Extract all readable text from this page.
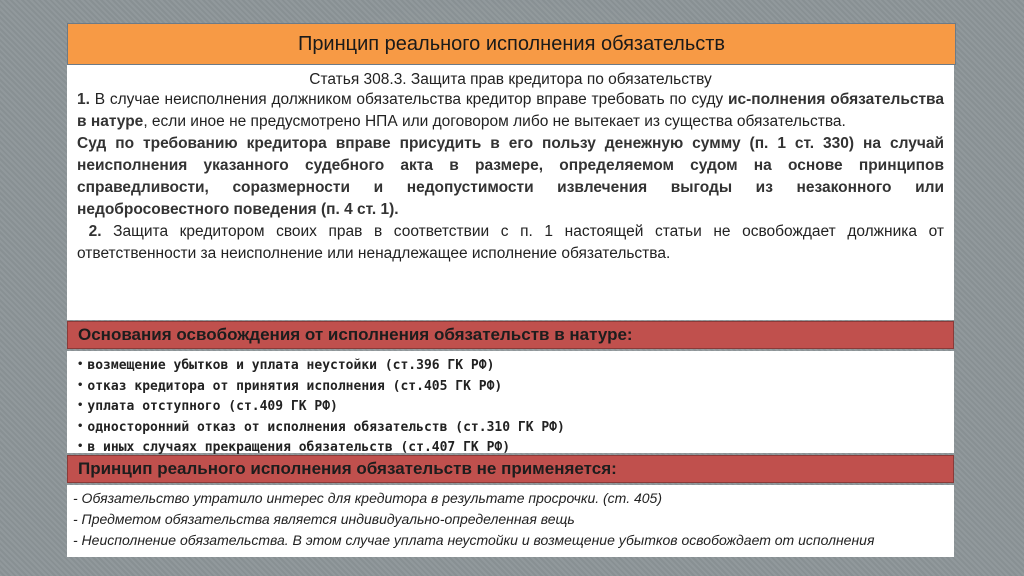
Принцип реального исполнения обязательств
Статья 308.3. Защита прав кредитора по обязательству

1. В случае неисполнения должником обязательства кредитор вправе требовать по суду ис-полнения обязательства в натуре, если иное не предусмотрено НПА или договором либо не вытекает из существа обязательства.

Суд по требованию кредитора вправе присудить в его пользу денежную сумму (п. 1 ст. 330) на случай неисполнения указанного судебного акта в размере, определяемом судом на основе принципов справедливости, соразмерности и недопустимости извлечения выгоды из незаконного или недобросовестного поведения (п. 4 ст. 1).

2. Защита кредитором своих прав в соответствии с п. 1 настоящей статьи не освобождает должника от ответственности за неисполнение или ненадлежащее исполнение обязательства.

Основания освобождения от исполнения обязательств в натуре:
• возмещение убытков и уплата неустойки (ст.396 ГК РФ)
• отказ кредитора от принятия исполнения (ст.405 ГК РФ)
• уплата отступного (ст.409 ГК РФ)
• односторонний отказ от исполнения обязательств (ст.310 ГК РФ)
• в иных случаях прекращения обязательств (ст.407 ГК РФ)
Принцип реального исполнения обязательств не применяется:
- Обязательство утратило интерес для кредитора в результате просрочки. (ст. 405)
- Предметом обязательства является индивидуально-определенная вещь
- Неисполнение обязательства. В этом случае уплата неустойки и возмещение убытков освобождает от исполнения
